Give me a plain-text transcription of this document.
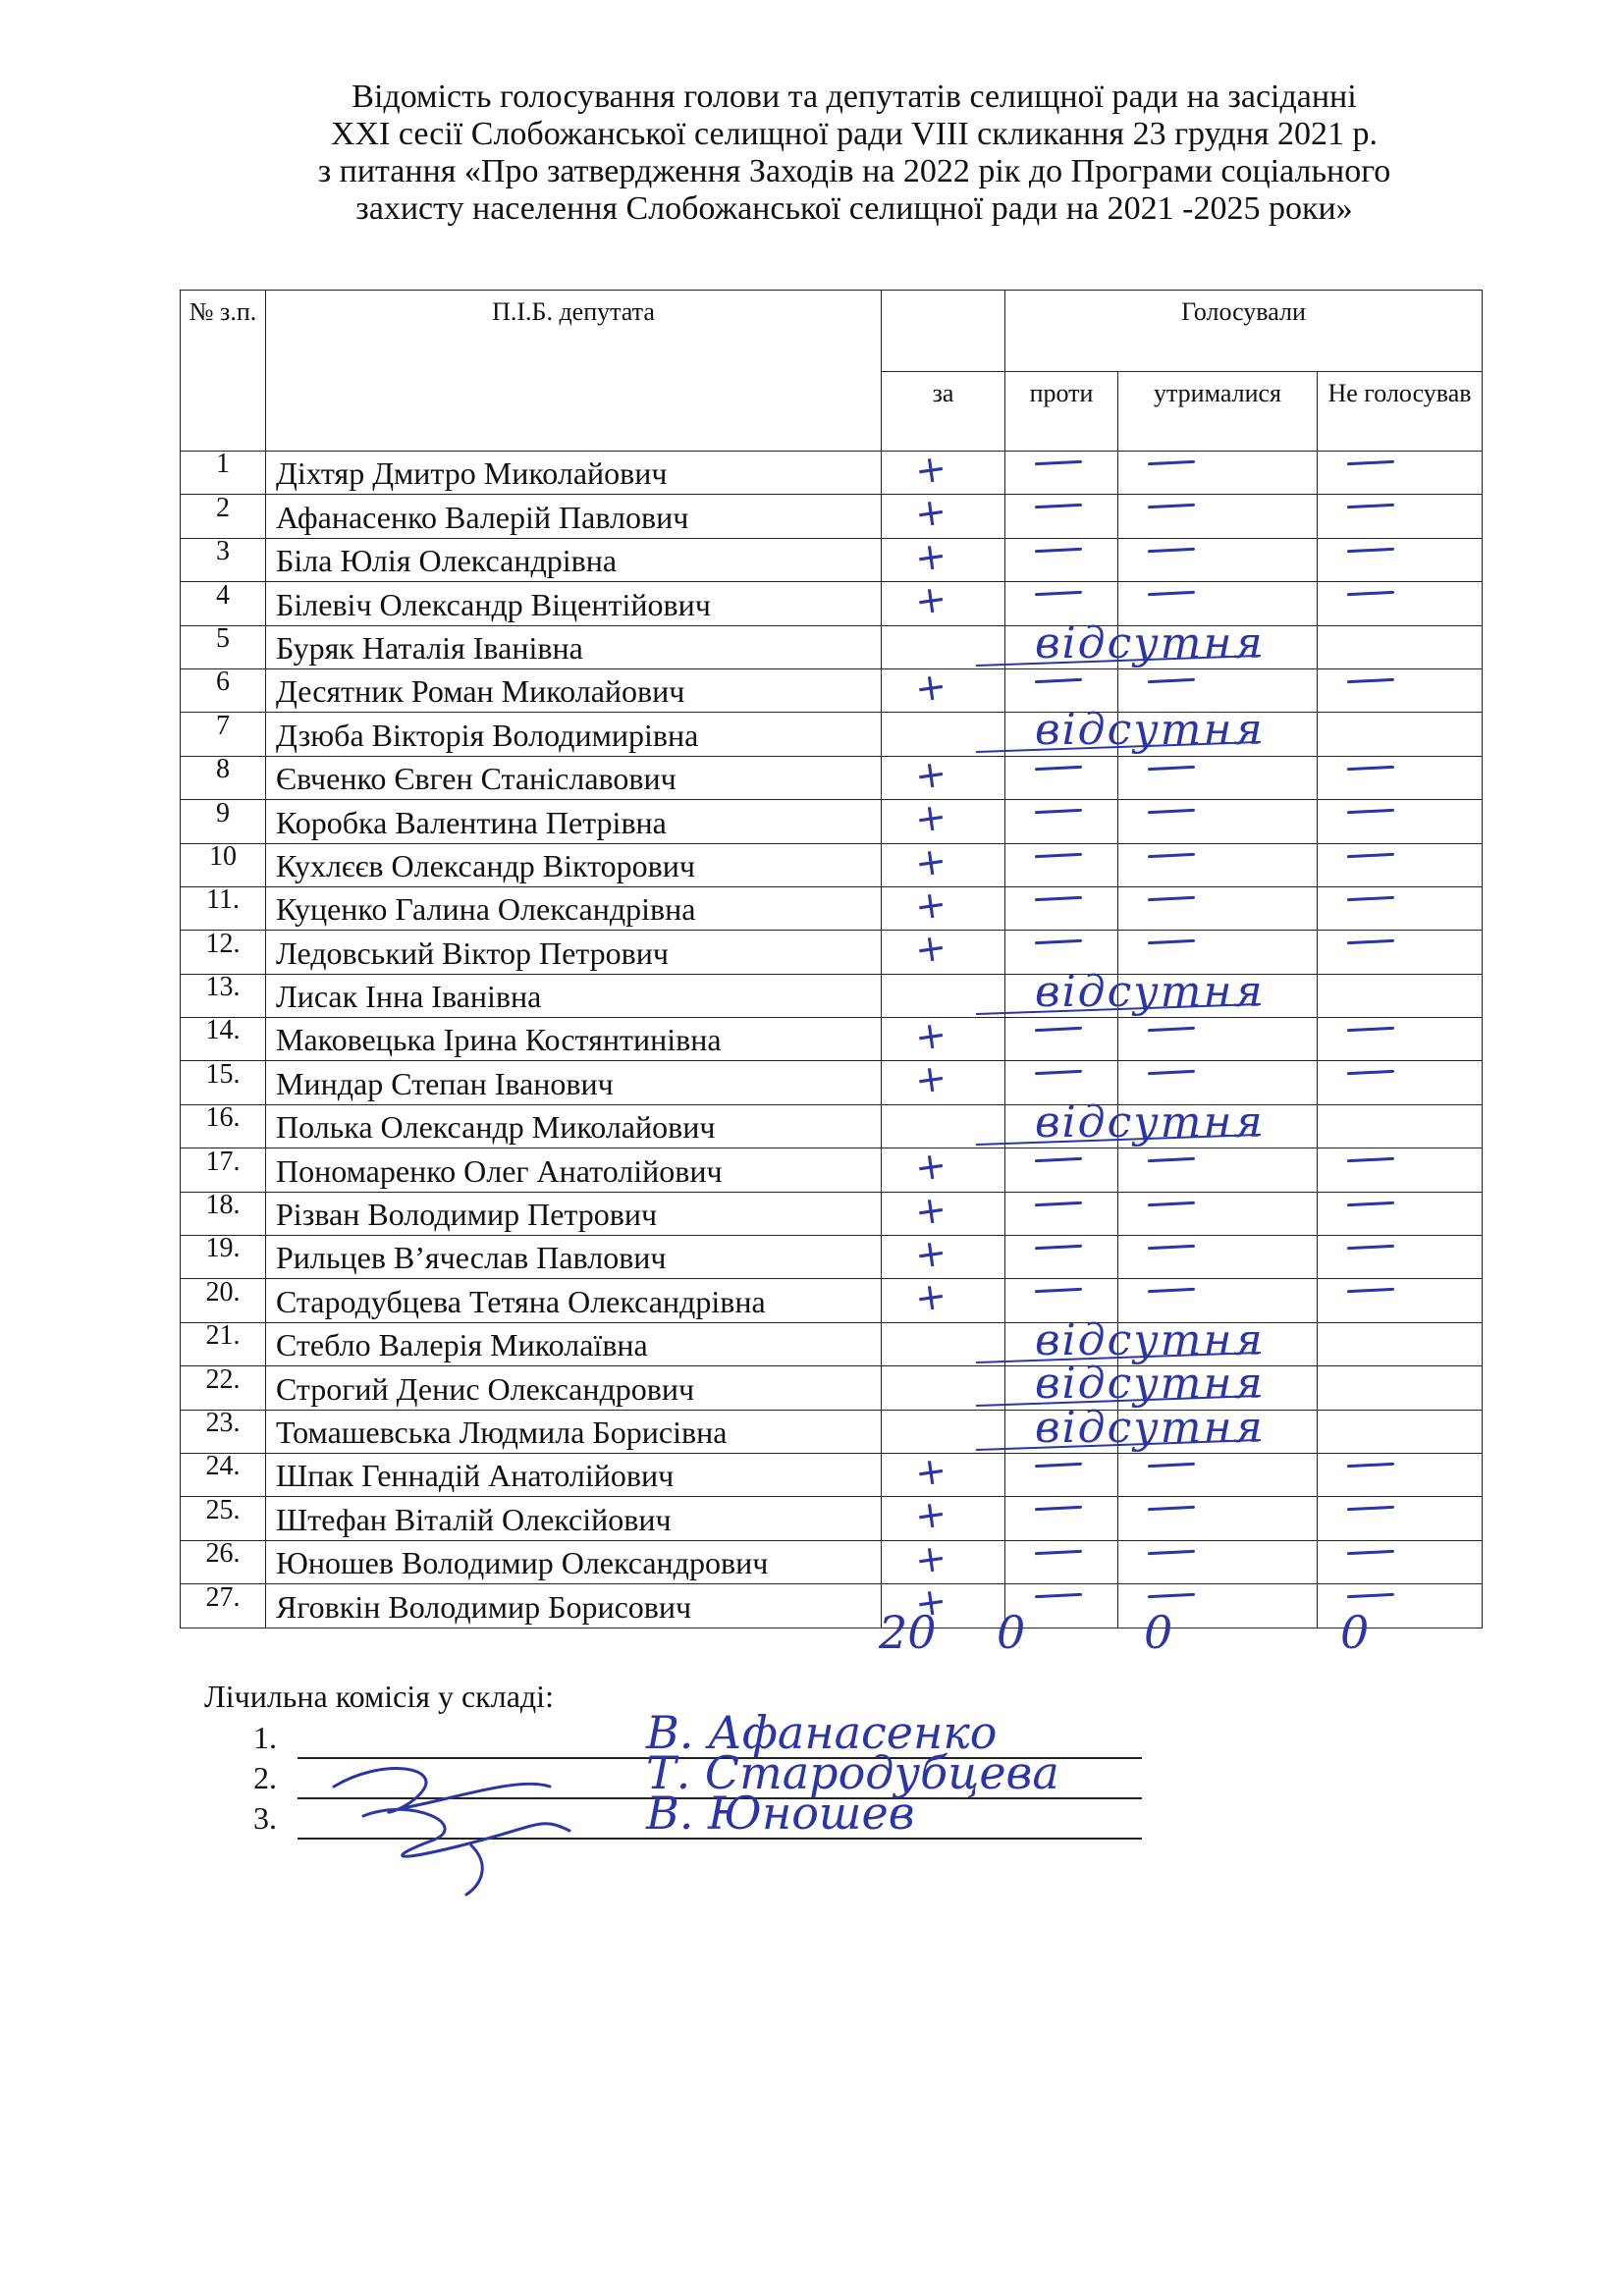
Відомість голосування голови та депутатів селищної ради на засіданні
XXI сесії Слобожанської селищної ради VIII скликання 23 грудня 2021 р.
з питання «Про затвердження Заходів на 2022 рік до Програми соціального
захисту населення Слобожанської селищної ради на 2021 -2025 роки»
№ з.п.	П.І.Б. депутата		Голосували		
		за	проти	утрималися	Не голосував
1	Діхтяр Дмитро Миколайович	+			

2	Афанасенко Валерій Павлович	+			

3	Біла Юлія Олександрівна	+			

4	Білевіч Олександр Віцентійович	+			

5	Буряк Наталія Іванівна		відсутня		

6	Десятник Роман Миколайович	+			

7	Дзюба Вікторія Володимирівна		відсутня		

8	Євченко Євген Станіславович	+			

9	Коробка Валентина Петрівна	+			

10	Кухлєєв Олександр Вікторович	+			

11.	Куценко Галина Олександрівна	+			

12.	Ледовський Віктор Петрович	+			

13.	Лисак Інна Іванівна		відсутня		

14.	Маковецька Ірина Костянтинівна	+			

15.	Миндар Степан Іванович	+			

16.	Полька Олександр Миколайович		відсутня		

17.	Пономаренко Олег Анатолійович	+			

18.	Різван Володимир Петрович	+			

19.	Рильцев В’ячеслав Павлович	+			

20.	Стародубцева Тетяна Олександрівна	+			

21.	Стебло Валерія Миколаївна		відсутня		

22.	Строгий Денис Олександрович		відсутня		

23.	Томашевська Людмила Борисівна		відсутня		

24.	Шпак Геннадій Анатолійович	+			

25.	Штефан Віталій Олексійович	+			

26.	Юношев Володимир Олександрович	+			

27.	Яговкін Володимир Борисович	+			

20 0	0	0
Лічильна комісія у складі:
1.	В. Афанасенко
2.	Т. Стародубцева
3.	В. Юношев
